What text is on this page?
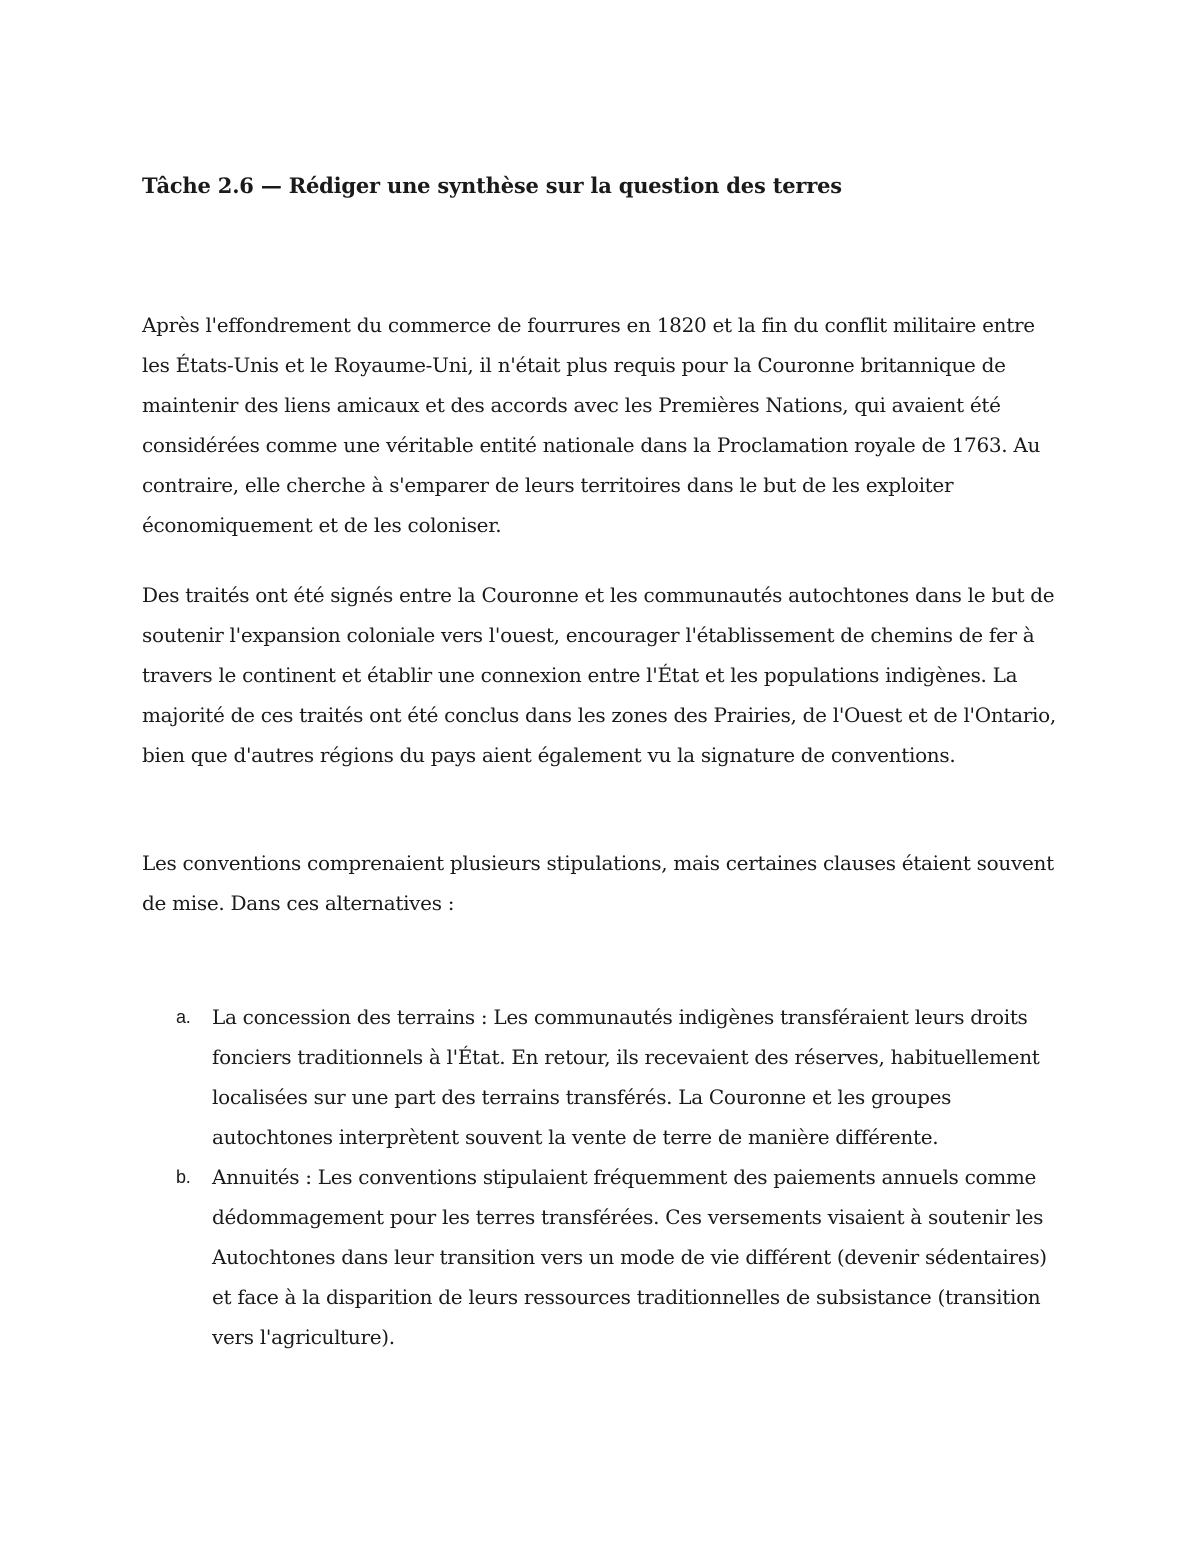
Tâche 2.6 — Rédiger une synthèse sur la question des terres

Après l'effondrement du commerce de fourrures en 1820 et la fin du conflit militaire entre les États-Unis et le Royaume-Uni, il n'était plus requis pour la Couronne britannique de maintenir des liens amicaux et des accords avec les Premières Nations, qui avaient été considérées comme une véritable entité nationale dans la Proclamation royale de 1763. Au contraire, elle cherche à s'emparer de leurs territoires dans le but de les exploiter économiquement et de les coloniser.

Des traités ont été signés entre la Couronne et les communautés autochtones dans le but de soutenir l'expansion coloniale vers l'ouest, encourager l'établissement de chemins de fer à travers le continent et établir une connexion entre l'État et les populations indigènes. La majorité de ces traités ont été conclus dans les zones des Prairies, de l'Ouest et de l'Ontario, bien que d'autres régions du pays aient également vu la signature de conventions.

Les conventions comprenaient plusieurs stipulations, mais certaines clauses étaient souvent de mise. Dans ces alternatives :

a. La concession des terrains : Les communautés indigènes transféraient leurs droits fonciers traditionnels à l'État. En retour, ils recevaient des réserves, habituellement localisées sur une part des terrains transférés. La Couronne et les groupes autochtones interprètent souvent la vente de terre de manière différente.
b. Annuités : Les conventions stipulaient fréquemment des paiements annuels comme dédommagement pour les terres transférées. Ces versements visaient à soutenir les Autochtones dans leur transition vers un mode de vie différent (devenir sédentaires) et face à la disparition de leurs ressources traditionnelles de subsistance (transition vers l'agriculture).
